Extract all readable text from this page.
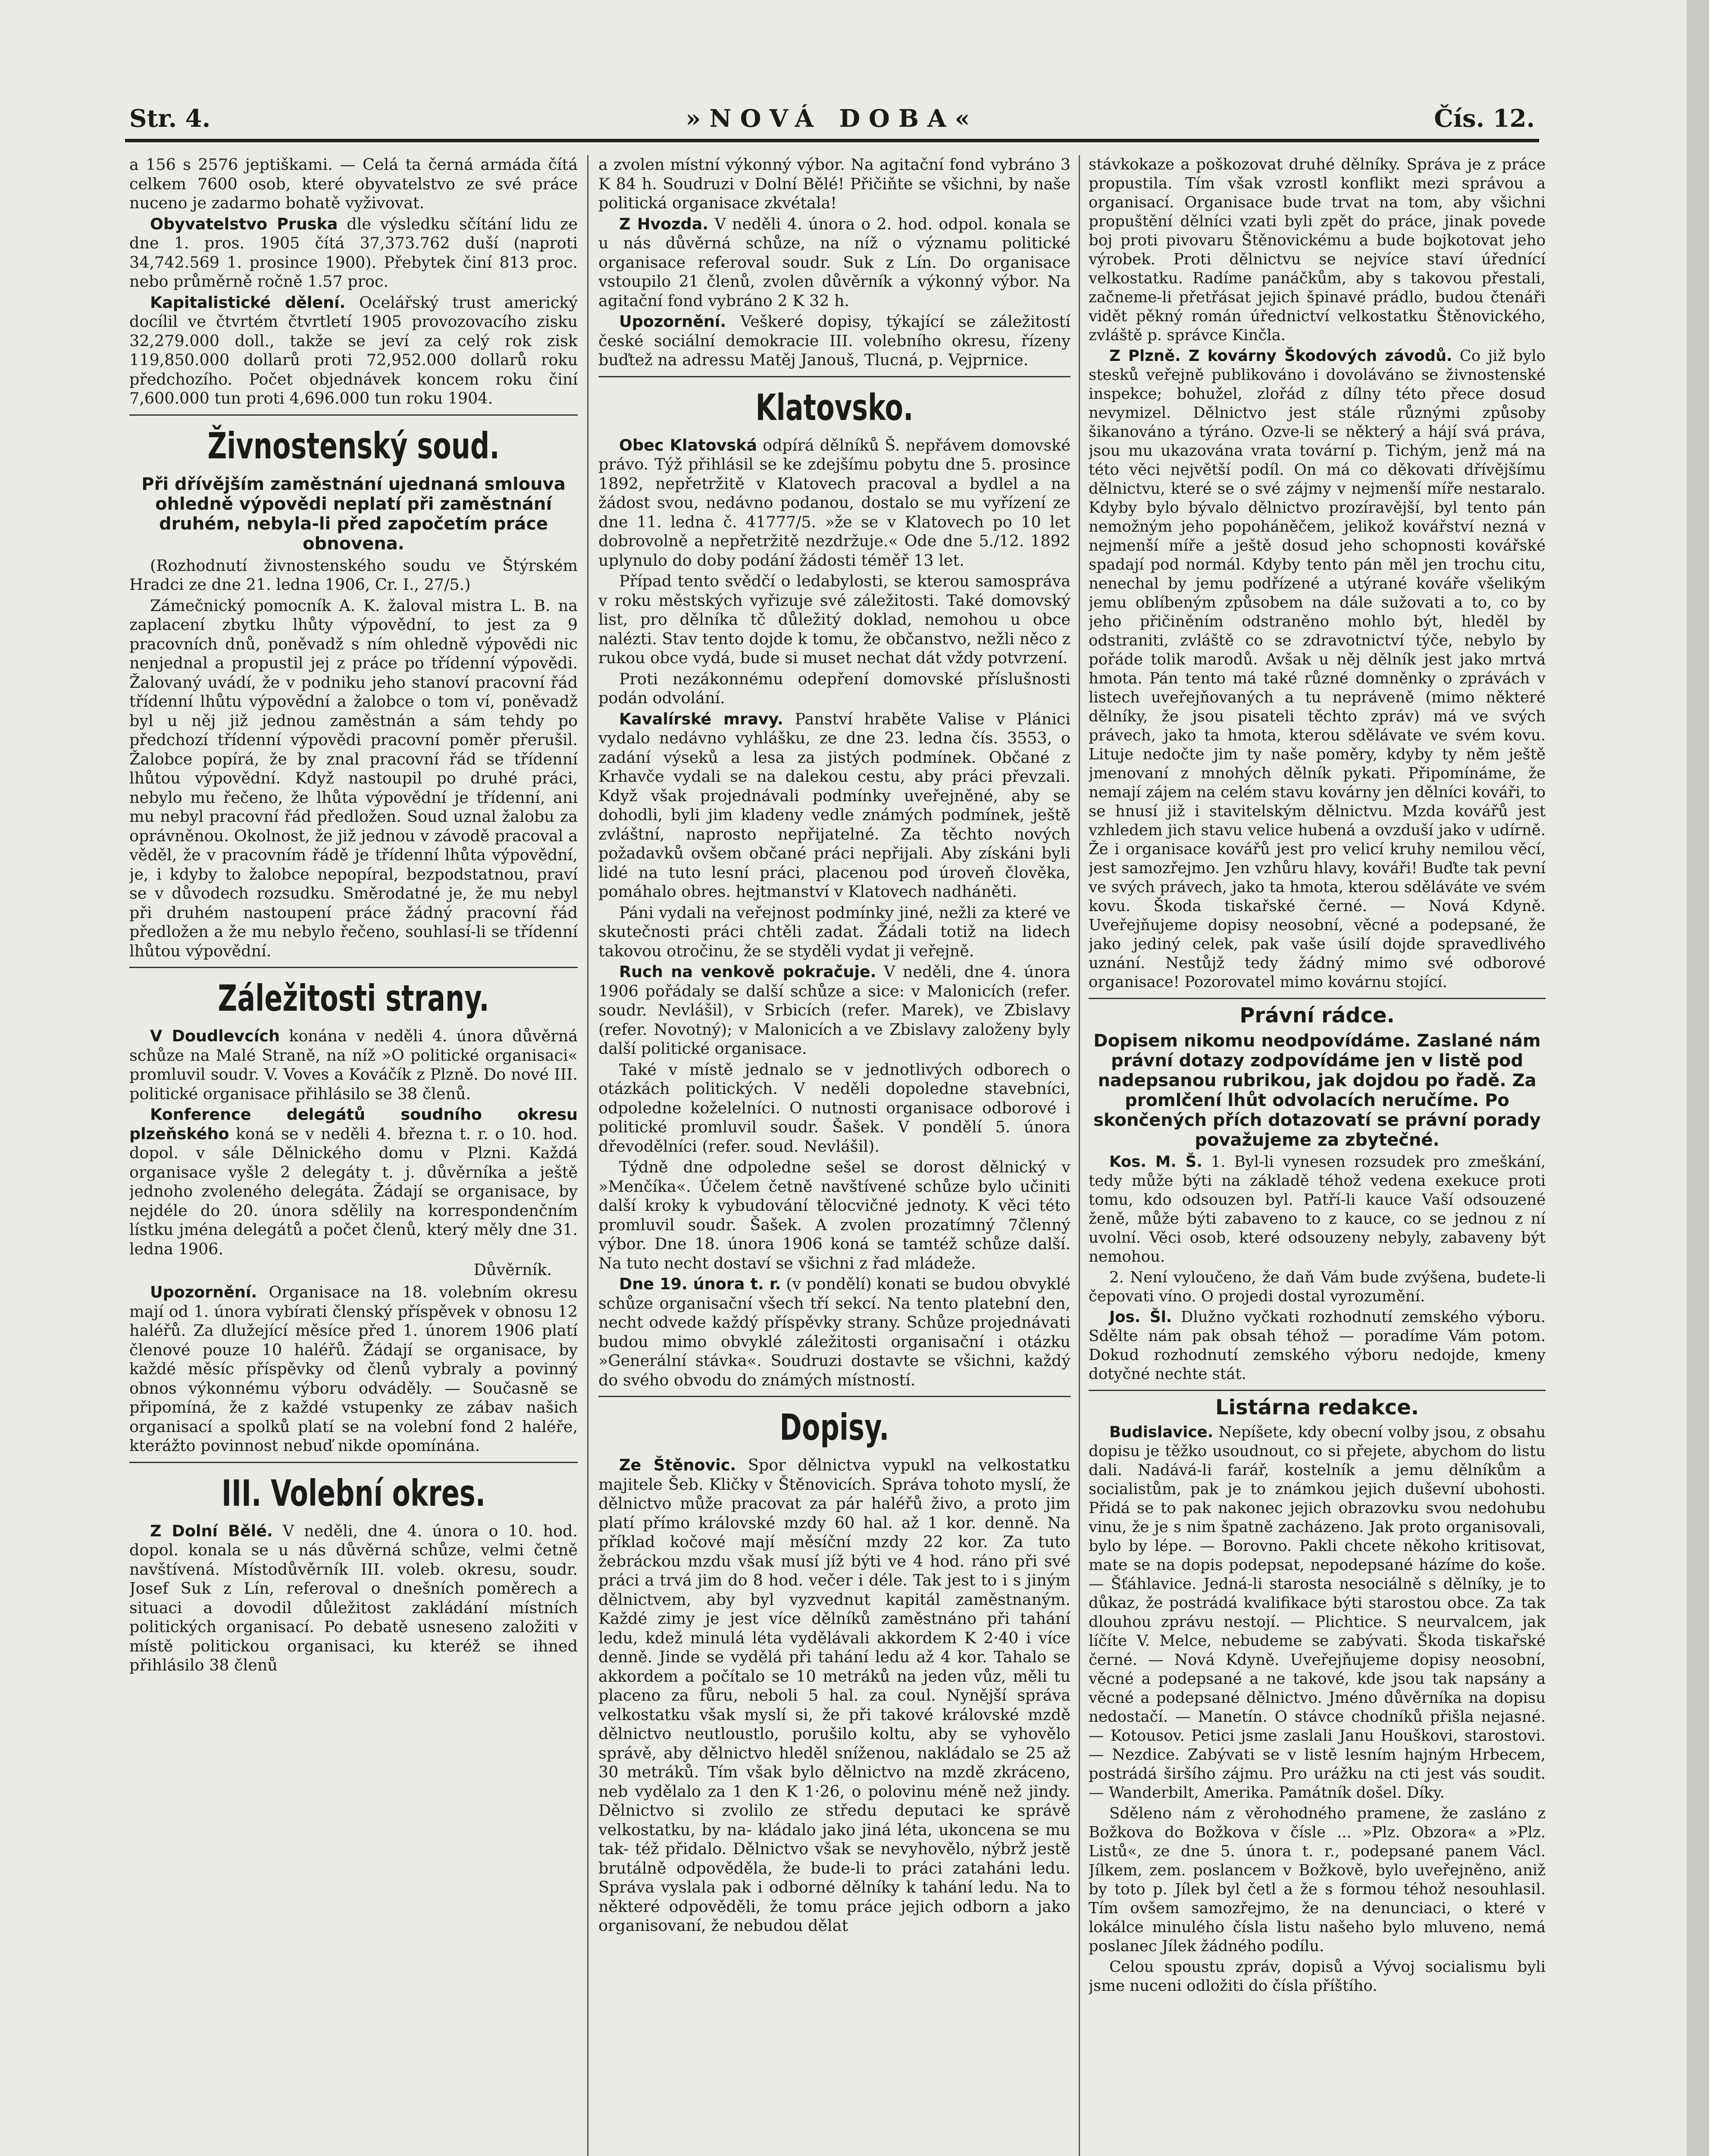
Str. 4.	»NOVÁ DOBA«	Čís. 12.

a 156 s 2576 jeptiškami. — Celá ta černá armáda čítá celkem 7600 osob, které obyvatelstvo ze své práce nuceno je zadarmo bohatě vyživovat.

Obyvatelstvo Pruska dle výsledku sčítání lidu ze dne 1. pros. 1905 čítá 37,373.762 duší (naproti 34,742.569 1. prosince 1900). Přebytek činí 813 proc. nebo průměrně ročně 1.57 proc.

Kapitalistické dělení. Ocelářský trust americký docílil ve čtvrtém čtvrtletí 1905 provozovacího zisku 32,279.000 doll., takže se jeví za celý rok zisk 119,850.000 dollarů proti 72,952.000 dollarů roku předchozího. Počet objednávek koncem roku činí 7,600.000 tun proti 4,696.000 tun roku 1904.

Živnostenský soud.
Při dřívějším zaměstnání ujednaná smlouva ohledně výpovědi neplatí při zaměstnání druhém, nebyla-li před započetím práce obnovena.

(Rozhodnutí živnostenského soudu ve Štýrském Hradci ze dne 21. ledna 1906, Cr. I., 27/5.)

Zámečnický pomocník A. K. žaloval mistra L. B. na zaplacení zbytku lhůty výpovědní, to jest za 9 pracovních dnů, poněvadž s ním ohledně výpovědi nic nenjednal a propustil jej z práce po třídenní výpovědi. Žalovaný uvádí, že v podniku jeho stanoví pracovní řád třídenní lhůtu výpovědní a žalobce o tom ví, poněvadž byl u něj již jednou zaměstnán a sám tehdy po předchozí třídenní výpovědi pracovní poměr přerušil. Žalobce popírá, že by znal pracovní řád se třídenní lhůtou výpovědní. Když nastoupil po druhé práci, nebylo mu řečeno, že lhůta výpovědní je třídenní, ani mu nebyl pracovní řád předložen. Soud uznal žalobu za oprávněnou. Okolnost, že již jednou v závodě pracoval a věděl, že v pracovním řádě je třídenní lhůta výpovědní, je, i kdyby to žalobce nepopíral, bezpodstatnou, praví se v důvodech rozsudku. Směrodatné je, že mu nebyl při druhém nastoupení práce žádný pracovní řád předložen a že mu nebylo řečeno, souhlasí-li se třídenní lhůtou výpovědní.

Záležitosti strany.

V Doudlevcích konána v neděli 4. února důvěrná schůze na Malé Straně, na níž »O politické organisaci« promluvil soudr. V. Voves a Kováčík z Plzně. Do nové III. politické organisace přihlásilo se 38 členů.

Konference delegátů soudního okresu plzeňského koná se v neděli 4. března t. r. o 10. hod. dopol. v sále Dělnického domu v Plzni. Každá organisace vyšle 2 delegáty t. j. důvěrníka a ještě jednoho zvoleného delegáta. Žádají se organisace, by nejdéle do 20. února sdělily na korrespondenčním lístku jména delegátů a počet členů, který měly dne 31. ledna 1906.

Důvěrník.

Upozornění. Organisace na 18. volebním okresu mají od 1. února vybírati členský příspěvek v obnosu 12 haléřů. Za dlužející měsíce před 1. únorem 1906 platí členové pouze 10 haléřů. Žádají se organisace, by každé měsíc příspěvky od členů vybraly a povinný obnos výkonnému výboru odváděly. — Současně se připomíná, že z každé vstupenky ze zábav našich organisací a spolků platí se na volební fond 2 haléře, kterážto povinnost nebuď nikde opomínána.

III. Volební okres.

Z Dolní Bělé. V neděli, dne 4. února o 10. hod. dopol. konala se u nás důvěrná schůze, velmi četně navštívená. Místodůvěrník III. voleb. okresu, soudr. Josef Suk z Lín, referoval o dnešních poměrech a situaci a dovodil důležitost zakládání místních politických organisací. Po debatě usneseno založiti v místě politickou organisaci, ku kteréž se ihned přihlásilo 38 členů

a zvolen místní výkonný výbor. Na agitační fond vybráno 3 K 84 h. Soudruzi v Dolní Bělé! Přičiňte se všichni, by naše politická organisace zkvétala!

Z Hvozda. V neděli 4. února o 2. hod. odpol. konala se u nás důvěrná schůze, na níž o významu politické organisace referoval soudr. Suk z Lín. Do organisace vstoupilo 21 členů, zvolen důvěrník a výkonný výbor. Na agitační fond vybráno 2 K 32 h.

Upozornění. Veškeré dopisy, týkající se záležitostí české sociální demokracie III. volebního okresu, řízeny buďtež na adressu Matěj Janouš, Tlucná, p. Vejprnice.

Klatovsko.

Obec Klatovská odpírá dělníků Š. nepřávem domovské právo. Týž přihlásil se ke zdejšímu pobytu dne 5. prosince 1892, nepřetržitě v Klatovech pracoval a bydlel a na žádost svou, nedávno podanou, dostalo se mu vyřízení ze dne 11. ledna č. 41777/5. »že se v Klatovech po 10 let dobrovolně a nepřetržitě nezdržuje.« Ode dne 5./12. 1892 uplynulo do doby podání žádosti téměř 13 let.

Případ tento svědčí o ledabylosti, se kterou samospráva v roku městských vyřizuje své záležitosti. Také domovský list, pro dělníka tč důležitý doklad, nemohou u obce nalézti. Stav tento dojde k tomu, že občanstvo, nežli něco z rukou obce vydá, bude si muset nechat dát vždy potvrzení.

Proti nezákonnému odepření domovské příslušnosti podán odvolání.

Kavalírské mravy. Panství hraběte Valise v Plánici vydalo nedávno vyhlášku, ze dne 23. ledna čís. 3553, o zadání výseků a lesa za jistých podmínek. Občané z Krhavče vydali se na dalekou cestu, aby práci převzali. Když však projednávali podmínky uveřejněné, aby se dohodli, byli jim kladeny vedle známých podmínek, ještě zvláštní, naprosto nepřijatelné. Za těchto nových požadavků ovšem občané práci nepřijali. Aby získáni byli lidé na tuto lesní práci, placenou pod úroveň člověka, pomáhalo obres. hejtmanství v Klatovech nadháněti.

Páni vydali na veřejnost podmínky jiné, nežli za které ve skutečnosti práci chtěli zadat. Žádali totiž na lidech takovou otročinu, že se styděli vydat ji veřejně.

Ruch na venkově pokračuje. V neděli, dne 4. února 1906 pořádaly se další schůze a sice: v Malonicích (refer. soudr. Nevlášil), v Srbicích (refer. Marek), ve Zbislavy (refer. Novotný); v Malonicích a ve Zbislavy založeny byly další politické organisace.

Také v místě jednalo se v jednotlivých odborech o otázkách politických. V neděli dopoledne stavebníci, odpoledne koželelníci. O nutnosti organisace odborové i politické promluvil soudr. Šašek. V pondělí 5. února dřevodělníci (refer. soud. Nevlášil).

Týdně dne odpoledne sešel se dorost dělnický v »Menčíka«. Účelem četně navštívené schůze bylo učiniti další kroky k vybudování tělocvičné jednoty. K věci této promluvil soudr. Šašek. A zvolen prozatímný 7členný výbor. Dne 18. února 1906 koná se tamtéž schůze další. Na tuto necht dostaví se všichni z řad mládeže.

Dne 19. února t. r. (v pondělí) konati se budou obvyklé schůze organisační všech tří sekcí. Na tento platební den, necht odvede každý příspěvky strany. Schůze projednávati budou mimo obvyklé záležitosti organisační i otázku »Generální stávka«. Soudruzi dostavte se všichni, každý do svého obvodu do známých místností.

Dopisy.

Ze Štěnovic. Spor dělnictva vypukl na velkostatku majitele Šeb. Kličky v Štěnovicích. Správa tohoto myslí, že dělnictvo může pracovat za pár haléřů živo, a proto jim platí přímo královské mzdy 60 hal. až 1 kor. denně. Na příklad kočové mají měsíční mzdy 22 kor. Za tuto žebráckou mzdu však musí jíž býti ve 4 hod. ráno při své práci a trvá jim do 8 hod. večer i déle. Tak jest to i s jiným dělnictvem, aby byl vyzvednut kapitál zaměstnaným. Každé zimy je jest více dělníků zaměstnáno při tahání ledu, kdež minulá léta vydělávali akkordem K 2·40 i více denně. Jinde se vydělá při tahání ledu až 4 kor. Tahalo se akkordem a počítalo se 10 metráků na jeden vůz, měli tu placeno za fůru, neboli 5 hal. za coul. Nynější správa velkostatku však myslí si, že při takové královské mzdě dělnictvo neutloustlo, porušilo koltu, aby se vyhovělo správě, aby dělnictvo hleděl sníženou, nakládalo se 25 až 30 metráků. Tím však bylo dělnictvo na mzdě zkráceno, neb vydělalo za 1 den K 1·26, o polovinu méně než jindy. Dělnictvo si zvolilo ze středu deputaci ke správě velkostatku, by na- kládalo jako jiná léta, ukoncena se mu tak- též přidalo. Dělnictvo však se nevyhovělo, nýbrž jestě brutálně odpověděla, že bude-li to práci zataháni ledu. Správa vyslala pak i odborné dělníky k tahání ledu. Na to některé odpověděli, že tomu práce jejich odborn a jako organisovaní, že nebudou dělat

stávkokaze a poškozovat druhé dělníky. Správa je z práce propustila. Tím však vzrostl konflikt mezi správou a organisací. Organisace bude trvat na tom, aby všichni propuštění dělníci vzati byli zpět do práce, jinak povede boj proti pivovaru Štěnovickému a bude bojkotovat jeho výrobek. Proti dělnictvu se nejvíce staví úřednící velkostatku. Radíme panáčkům, aby s takovou přestali, začneme-li přetřásat jejich špinavé prádlo, budou čtenáři vidět pěkný román úřednictví velkostatku Štěnovického, zvláště p. správce Kinčla.

Z Plzně. Z kovárny Škodových závodů. Co již bylo stesků veřejně publikováno i dovoláváno se živnostenské inspekce; bohužel, zlořád z dílny této přece dosud nevymizel. Dělnictvo jest stále různými způsoby šikanováno a týráno. Ozve-li se některý a hájí svá práva, jsou mu ukazována vrata tovární p. Tichým, jenž má na této věci největší podíl. On má co děkovati dřívějšímu dělnictvu, které se o své zájmy v nejmenší míře nestaralo. Kdyby bylo bývalo dělnictvo prozíravější, byl tento pán nemožným jeho popoháněčem, jelikož kovářství nezná v nejmenší míře a ještě dosud jeho schopnosti kovářské spadají pod normál. Kdyby tento pán měl jen trochu citu, nenechal by jemu podřízené a utýrané kováře všelikým jemu oblíbeným způsobem na dále sužovati a to, co by jeho přičiněním odstraněno mohlo být, hleděl by odstraniti, zvláště co se zdravotnictví týče, nebylo by pořáde tolik marodů. Avšak u něj dělník jest jako mrtvá hmota. Pán tento má také různé domněnky o zprávách v listech uveřejňovaných a tu nepráveně (mimo některé dělníky, že jsou pisateli těchto zpráv) má ve svých právech, jako ta hmota, kterou sdělávate ve svém kovu. Lituje nedočte jim ty naše poměry, kdyby ty něm ještě jmenovaní z mnohých dělník pykati. Připomínáme, že nemají zájem na celém stavu kovárny jen dělníci kováři, to se hnusí již i stavitelským dělnictvu. Mzda kovářů jest vzhledem jich stavu velice hubená a ovzduší jako v udírně. Že i organisace kovářů jest pro velicí kruhy nemilou věcí, jest samozřejmo. Jen vzhůru hlavy, kováři! Buďte tak pevní ve svých právech, jako ta hmota, kterou sděláváte ve svém kovu. Škoda tiskařské černé. — Nová Kdyně. Uveřejňujeme dopisy neosobní, věcné a podepsané, že jako jediný celek, pak vaše úsilí dojde spravedlivého uznání. Nestůjž tedy žádný mimo své odborové organisace! Pozorovatel mimo kovárnu stojící.

Právní rádce.
Dopisem nikomu neodpovídáme. Zaslané nám právní dotazy zodpovídáme jen v listě pod nadepsanou rubrikou, jak dojdou po řadě. Za promlčení lhůt odvolacích neručíme. Po skončených přích dotazovatí se právní porady považujeme za zbytečné.

Kos. M. Š. 1. Byl-li vynesen rozsudek pro zmeškání, tedy může býti na základě téhož vedena exekuce proti tomu, kdo odsouzen byl. Patří-li kauce Vaší odsouzené ženě, může býti zabaveno to z kauce, co se jednou z ní uvolní. Věci osob, které odsouzeny nebyly, zabaveny být nemohou.

2. Není vyloučeno, že daň Vám bude zvýšena, budete-li čepovati víno. O projedi dostal vyrozumění.

Jos. Šl. Dlužno vyčkati rozhodnutí zemského výboru. Sdělte nám pak obsah téhož — poradíme Vám potom. Dokud rozhodnutí zemského výboru nedojde, kmeny dotyčné nechte stát.

Listárna redakce.

Budislavice. Nepíšete, kdy obecní volby jsou, z obsahu dopisu je těžko usoudnout, co si přejete, abychom do listu dali. Nadává-li farář, kostelník a jemu dělníkům a socialistům, pak je to známkou jejich duševní ubohosti. Přidá se to pak nakonec jejich obrazovku svou nedohubu vinu, že je s nim špatně zacházeno. Jak proto organisovali, bylo by lépe. — Borovno. Pakli chcete někoho kritisovat, mate se na dopis podepsat, nepodepsané házíme do koše. — Šťáhlavice. Jedná-li starosta nesociálně s dělníky, je to důkaz, že postrádá kvalifikace býti starostou obce. Za tak dlouhou zprávu nestojí. — Plichtice. S neurvalcem, jak líčíte V. Melce, nebudeme se zabývati. Škoda tiskařské černé. — Nová Kdyně. Uveřejňujeme dopisy neosobní, věcné a podepsané a ne takové, kde jsou tak napsány a věcné a podepsané dělnictvo. Jméno důvěrníka na dopisu nedostačí. — Manetín. O stávce chodníků přišla nejasné. — Kotousov. Petici jsme zaslali Janu Houškovi, starostovi. — Nezdice. Zabývati se v listě lesním hajným Hrbecem, postrádá širšího zájmu. Pro urážku na cti jest vás soudit. — Wanderbilt, Amerika. Památník došel. Díky.

Sděleno nám z věrohodného pramene, že zasláno z Božkova do Božkova v čísle ... »Plz. Obzora« a »Plz. Listů«, ze dne 5. února t. r., podepsané panem Václ. Jílkem, zem. poslancem v Božkově, bylo uveřejněno, aniž by toto p. Jílek byl četl a že s formou téhož nesouhlasil. Tím ovšem samozřejmo, že na denunciaci, o které v lokálce minulého čísla listu našeho bylo mluveno, nemá poslanec Jílek žádného podílu.

Celou spoustu zpráv, dopisů a Vývoj socialismu byli jsme nuceni odložiti do čísla příštího.
